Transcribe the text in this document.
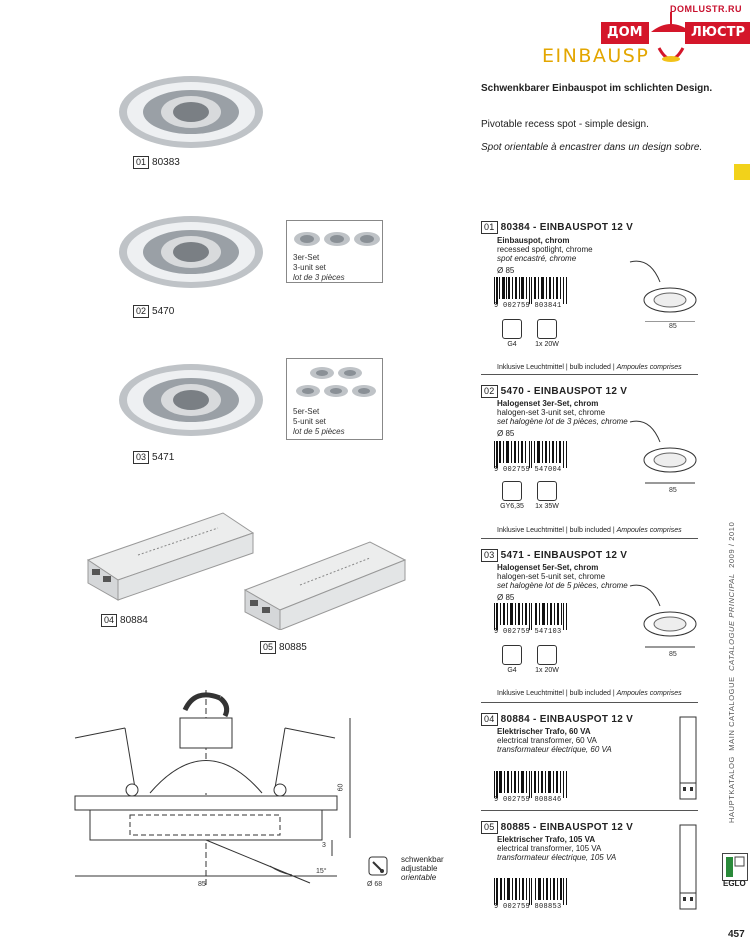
DOMLUSTR.RU
ДОМ	ЛЮСТР
EINBAUSP
01 80383
02 5470
3er-Set
3-unit set
lot de 3 pièces
03 5471
5er-Set
5-unit set
lot de 5 pièces
04 80884
05 80885
85
60
3
15°
Ø 68
schwenkbar
adjustable
orientable
Schwenkbarer Einbauspot im schlichten Design.
Pivotable recess spot - simple design.
Spot orientable à encastrer dans un design sobre.
01 80384 - EINBAUSPOT 12 V
Einbauspot, chrom
recessed spotlight, chrome
spot encastré, chrome
Ø 85
9 002759 803841
85
G4	1x 20W
Inklusive Leuchtmittel | bulb included | Ampoules comprises
02 5470 - EINBAUSPOT 12 V
Halogenset 3er-Set, chrom
halogen-set 3-unit set, chrome
set halogène lot de 3 pièces, chrome
Ø 85
9 002759 547004
85
GY6,35	1x 35W
Inklusive Leuchtmittel | bulb included | Ampoules comprises
03 5471 - EINBAUSPOT 12 V
Halogenset 5er-Set, chrom
halogen-set 5-unit set, chrome
set halogène lot de 5 pièces, chrome
Ø 85
9 002759 547103
85
G4	1x 20W
Inklusive Leuchtmittel | bulb included | Ampoules comprises
04 80884 - EINBAUSPOT 12 V
Elektrischer Trafo, 60 VA
electrical transformer, 60 VA
transformateur électrique, 60 VA
9 002759 808846
05 80885 - EINBAUSPOT 12 V
Elektrischer Trafo, 105 VA
electrical transformer, 105 VA
transformateur électrique, 105 VA
9 002759 808853
HAUPTKATALOG  MAIN CATALOGUE  CATALOGUE PRINCIPAL  2009 / 2010
EGLO
457
